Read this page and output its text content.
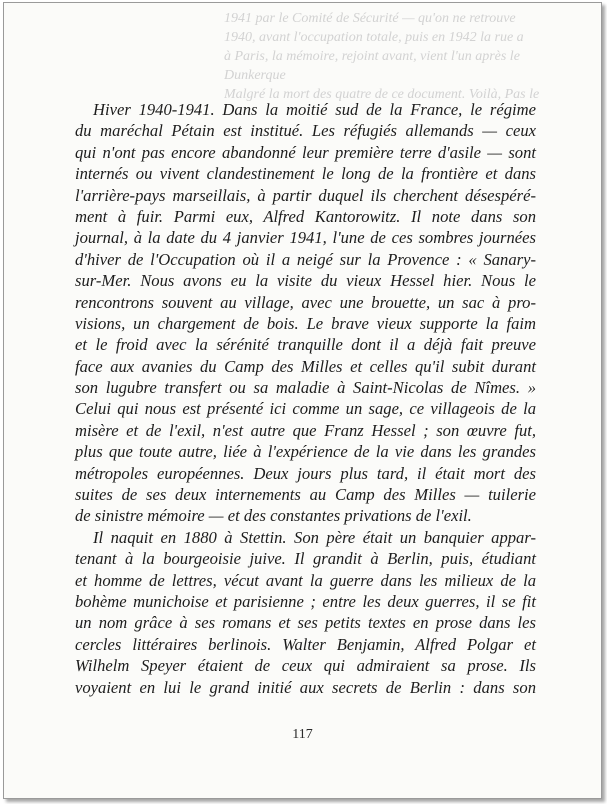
1941 par le Comité de Sécurité — qu'on ne retrouve
1940, avant l'occupation totale, puis en 1942 la rue a
à Paris, la mémoire, rejoint avant, vient l'un après le
Dunkerque
Malgré la mort des quatre de ce document. Voilà, Pas le
Hiver 1940-1941. Dans la moitié sud de la France, le régime
du maréchal Pétain est institué. Les réfugiés allemands — ceux
qui n'ont pas encore abandonné leur première terre d'asile — sont
internés ou vivent clandestinement le long de la frontière et dans
l'arrière-pays marseillais, à partir duquel ils cherchent désespéré-
ment à fuir. Parmi eux, Alfred Kantorowitz. Il note dans son
journal, à la date du 4 janvier 1941, l'une de ces sombres journées
d'hiver de l'Occupation où il a neigé sur la Provence : « Sanary-
sur-Mer. Nous avons eu la visite du vieux Hessel hier. Nous le
rencontrons souvent au village, avec une brouette, un sac à pro-
visions, un chargement de bois. Le brave vieux supporte la faim
et le froid avec la sérénité tranquille dont il a déjà fait preuve
face aux avanies du Camp des Milles et celles qu'il subit durant
son lugubre transfert ou sa maladie à Saint-Nicolas de Nîmes. »
Celui qui nous est présenté ici comme un sage, ce villageois de la
misère et de l'exil, n'est autre que Franz Hessel ; son œuvre fut,
plus que toute autre, liée à l'expérience de la vie dans les grandes
métropoles européennes. Deux jours plus tard, il était mort des
suites de ses deux internements au Camp des Milles — tuilerie
de sinistre mémoire — et des constantes privations de l'exil.
Il naquit en 1880 à Stettin. Son père était un banquier appar-
tenant à la bourgeoisie juive. Il grandit à Berlin, puis, étudiant
et homme de lettres, vécut avant la guerre dans les milieux de la
bohème munichoise et parisienne ; entre les deux guerres, il se fit
un nom grâce à ses romans et ses petits textes en prose dans les
cercles littéraires berlinois. Walter Benjamin, Alfred Polgar et
Wilhelm Speyer étaient de ceux qui admiraient sa prose. Ils
voyaient en lui le grand initié aux secrets de Berlin : dans son
117
